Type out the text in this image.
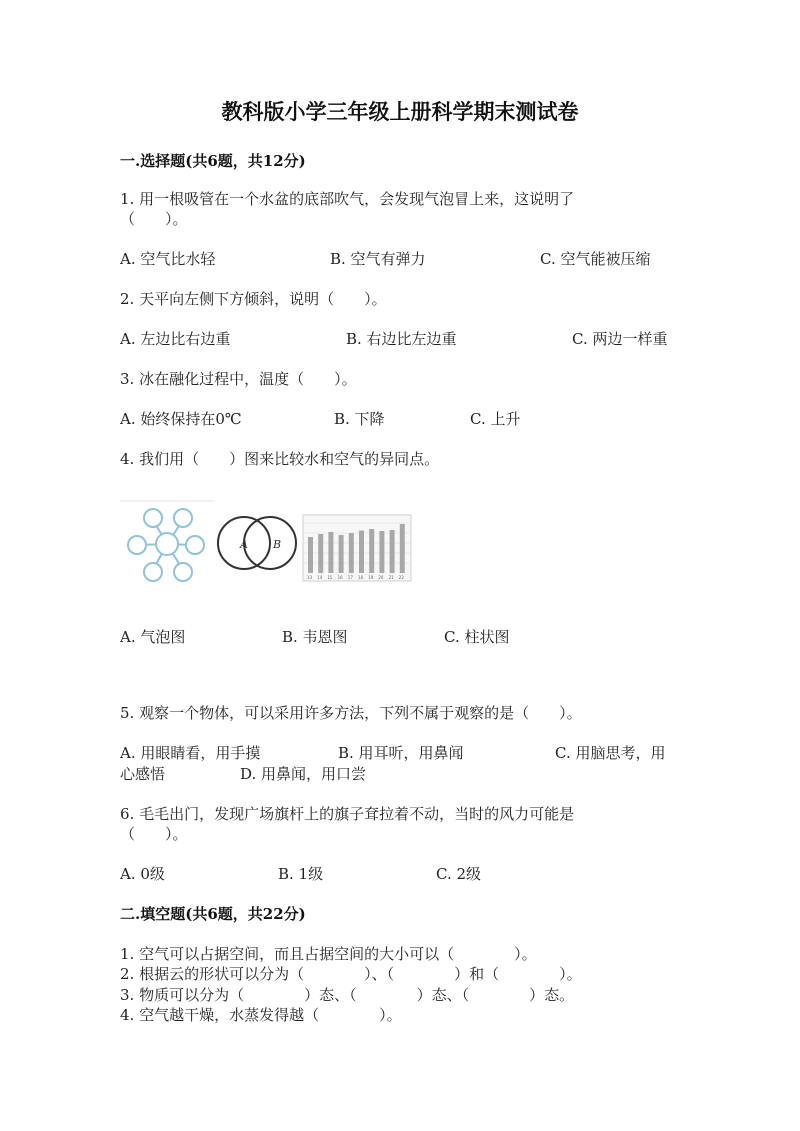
教科版小学三年级上册科学期末测试卷
一.选择题(共6题，共12分)
1. 用一根吸管在一个水盆的底部吹气，会发现气泡冒上来，这说明了
（　　）。
A. 空气比水轻	B. 空气有弹力	C. 空气能被压缩
2. 天平向左侧下方倾斜，说明（　　）。
A. 左边比右边重	B. 右边比左边重	C. 两边一样重
3. 冰在融化过程中，温度（　　）。
A. 始终保持在0℃	B. 下降	C. 上升
4. 我们用（　　）图来比较水和空气的异同点。
A B
13 14 15 16 17 18 19 20 21 22
A. 气泡图	B. 韦恩图	C. 柱状图
5. 观察一个物体，可以采用许多方法，下列不属于观察的是（　　）。
A. 用眼睛看，用手摸	B. 用耳听，用鼻闻	C. 用脑思考，用
心感悟	D. 用鼻闻，用口尝
6. 毛毛出门，发现广场旗杆上的旗子耷拉着不动，当时的风力可能是
（　　）。
A. 0级	B. 1级	C. 2级
二.填空题(共6题，共22分)
1. 空气可以占据空间，而且占据空间的大小可以（　　　　）。
2. 根据云的形状可以分为（　　　　）、（　　　　）和（　　　　）。
3. 物质可以分为（　　　　）态、（　　　　）态、（　　　　）态。
4. 空气越干燥，水蒸发得越（　　　　）。
